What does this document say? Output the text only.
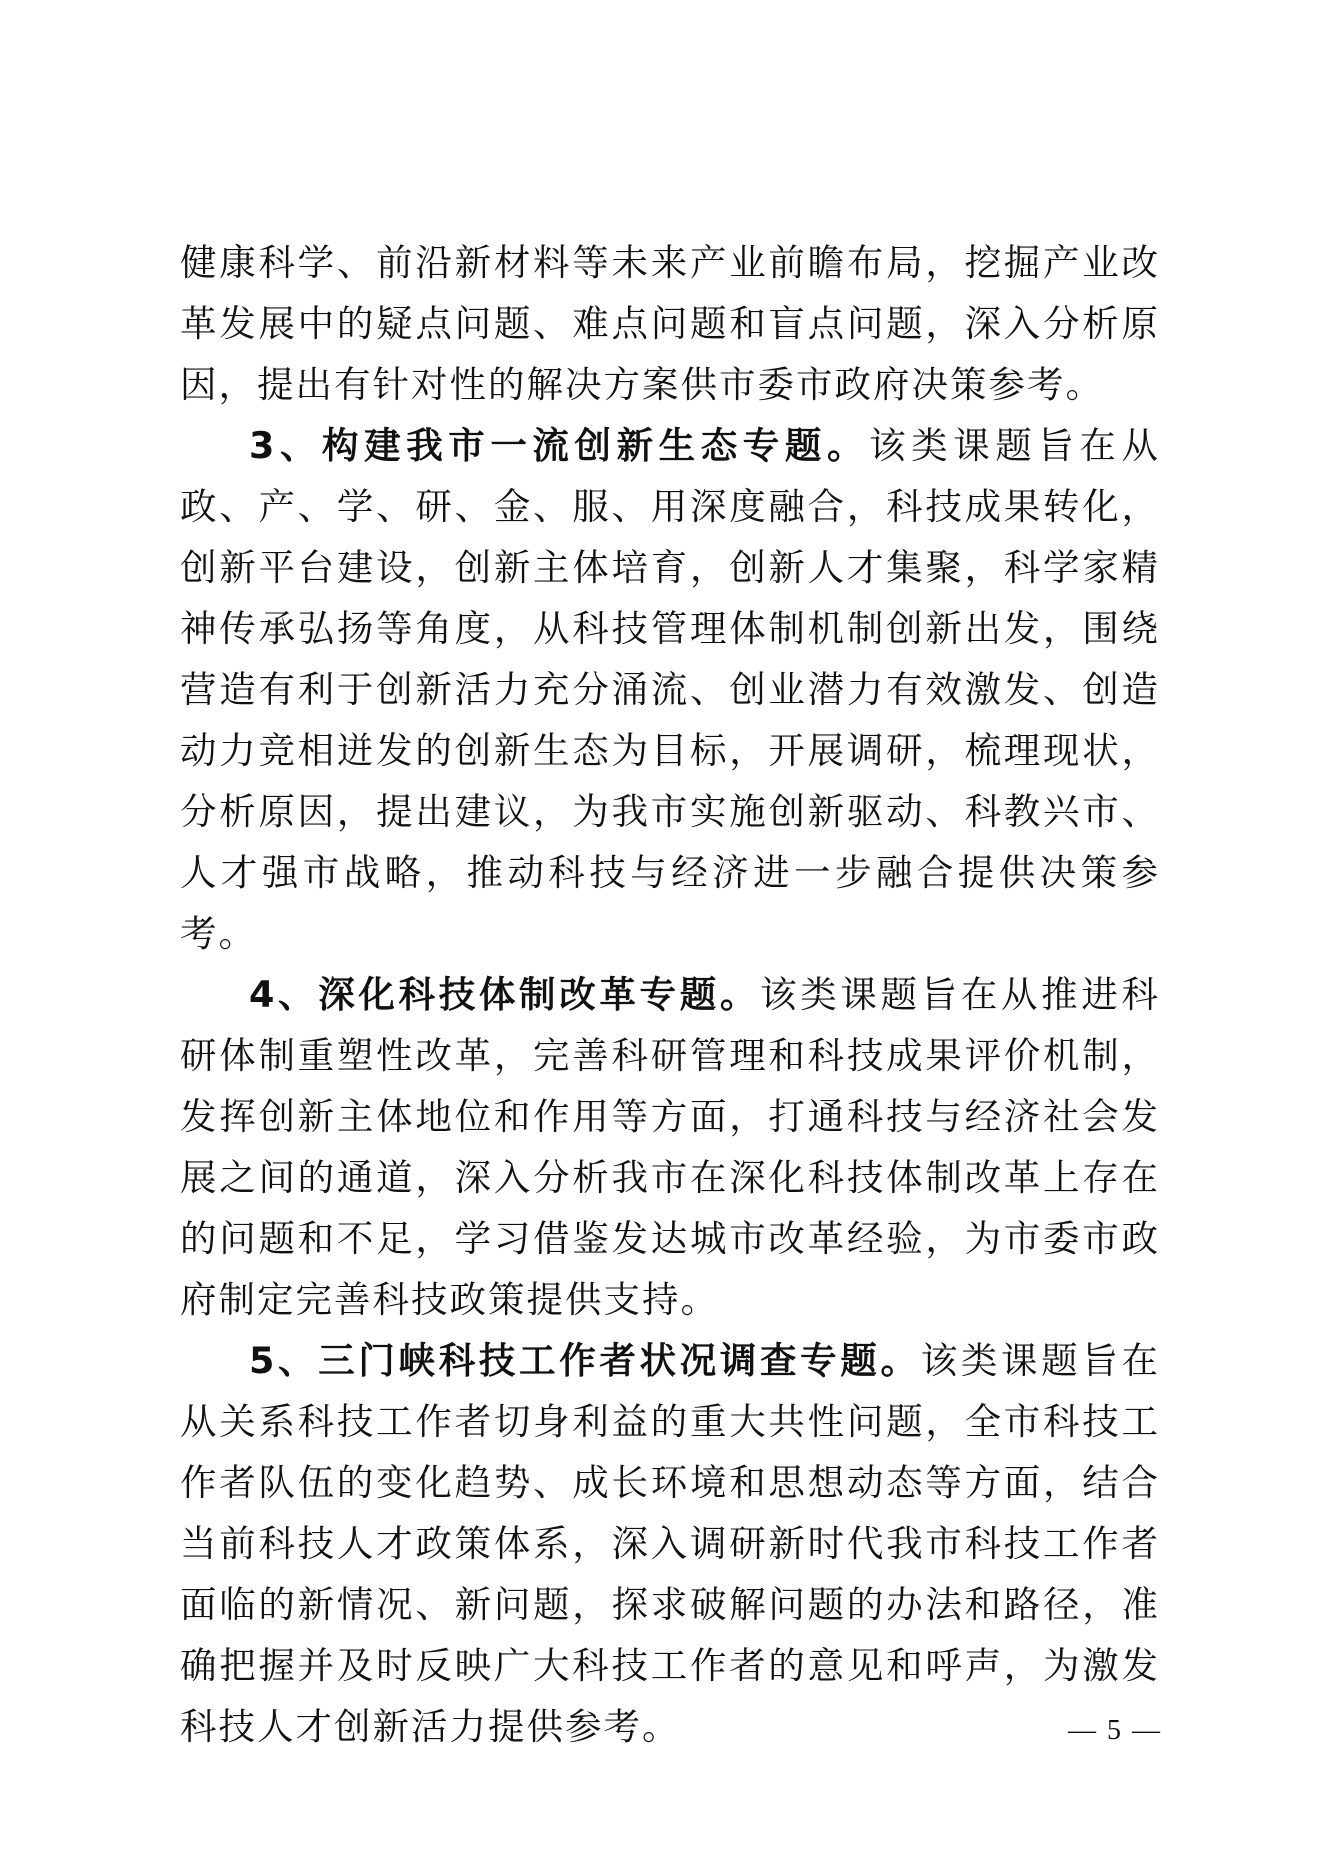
健康科学、前沿新材料等未来产业前瞻布局，挖掘产业改革发展中的疑点问题、难点问题和盲点问题，深入分析原因，提出有针对性的解决方案供市委市政府决策参考。

3、构建我市一流创新生态专题。该类课题旨在从政、产、学、研、金、服、用深度融合，科技成果转化，创新平台建设，创新主体培育，创新人才集聚，科学家精神传承弘扬等角度，从科技管理体制机制创新出发，围绕营造有利于创新活力充分涌流、创业潜力有效激发、创造动力竞相迸发的创新生态为目标，开展调研，梳理现状，分析原因，提出建议，为我市实施创新驱动、科教兴市、人才强市战略，推动科技与经济进一步融合提供决策参考。

4、深化科技体制改革专题。该类课题旨在从推进科研体制重塑性改革，完善科研管理和科技成果评价机制，发挥创新主体地位和作用等方面，打通科技与经济社会发展之间的通道，深入分析我市在深化科技体制改革上存在的问题和不足，学习借鉴发达城市改革经验，为市委市政府制定完善科技政策提供支持。

5、三门峡科技工作者状况调查专题。该类课题旨在从关系科技工作者切身利益的重大共性问题，全市科技工作者队伍的变化趋势、成长环境和思想动态等方面，结合当前科技人才政策体系，深入调研新时代我市科技工作者面临的新情况、新问题，探求破解问题的办法和路径，准确把握并及时反映广大科技工作者的意见和呼声，为激发科技人才创新活力提供参考。	— 5 —
